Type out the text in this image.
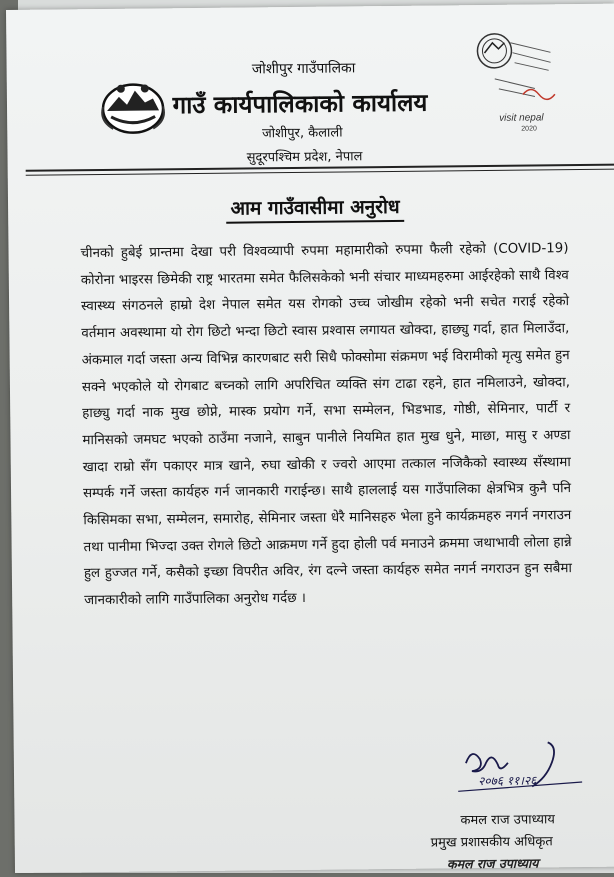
जोशीपुर गाउँपालिका
गाउँ कार्यपालिकाको कार्यालय
जोशीपुर, कैलाली
सुदूरपश्चिम प्रदेश, नेपाल
visit nepal
2020
आम गाउँवासीमा अनुरोध
चीनको हुबेई प्रान्तमा देखा परी विश्वव्यापी रुपमा महामारीको रुपमा फैली रहेको (COVID-19) कोरोना भाइरस छिमेकी राष्ट्र भारतमा समेत फैलिसकेको भनी संचार माध्यमहरुमा आईरहेको साथै विश्व स्वास्थ्य संगठनले हाम्रो देश नेपाल समेत यस रोगको उच्च जोखीम रहेको भनी सचेत गराई रहेको वर्तमान अवस्थामा यो रोग छिटो भन्दा छिटो स्वास प्रश्वास लगायत खोक्दा, हाछ्यु गर्दा, हात मिलाउँदा, अंकमाल गर्दा जस्ता अन्य विभिन्न कारणबाट सरी सिधै फोक्सोमा संक्रमण भई विरामीको मृत्यु समेत हुन सक्ने भएकोले यो रोगबाट बच्नको लागि अपरिचित व्यक्ति संग टाढा रहने, हात नमिलाउने, खोक्दा, हाछ्यु गर्दा नाक मुख छोप्ने, मास्क प्रयोग गर्ने, सभा सम्मेलन, भिडभाड, गोष्ठी, सेमिनार, पार्टी र मानिसको जमघट भएको ठाउँमा नजाने, साबुन पानीले नियमित हात मुख धुने, माछा, मासु र अण्डा खादा राम्रो सँग पकाएर मात्र खाने, रुघा खोकी र ज्वरो आएमा तत्काल नजिकैको स्वास्थ्य सँस्थामा सम्पर्क गर्ने जस्ता कार्यहरु गर्न जानकारी गराईन्छ। साथै हाललाई यस गाउँपालिका क्षेत्रभित्र कुनै पनि किसिमका सभा, सम्मेलन, समारोह, सेमिनार जस्ता धेरै मानिसहरु भेला हुने कार्यक्रमहरु नगर्न नगराउन तथा पानीमा भिज्दा उक्त रोगले छिटो आक्रमण गर्ने हुदा होली पर्व मनाउने क्रममा जथाभावी लोला हान्ने हुल हुज्जत गर्ने, कसैको इच्छा विपरीत अविर, रंग दल्ने जस्ता कार्यहरु समेत नगर्न नगराउन हुन सबैमा जानकारीको लागि गाउँपालिका अनुरोध गर्दछ ।
२०७६ ११।२६
कमल राज उपाध्याय
प्रमुख प्रशासकीय अधिकृत
कमल राज उपाध्याय
